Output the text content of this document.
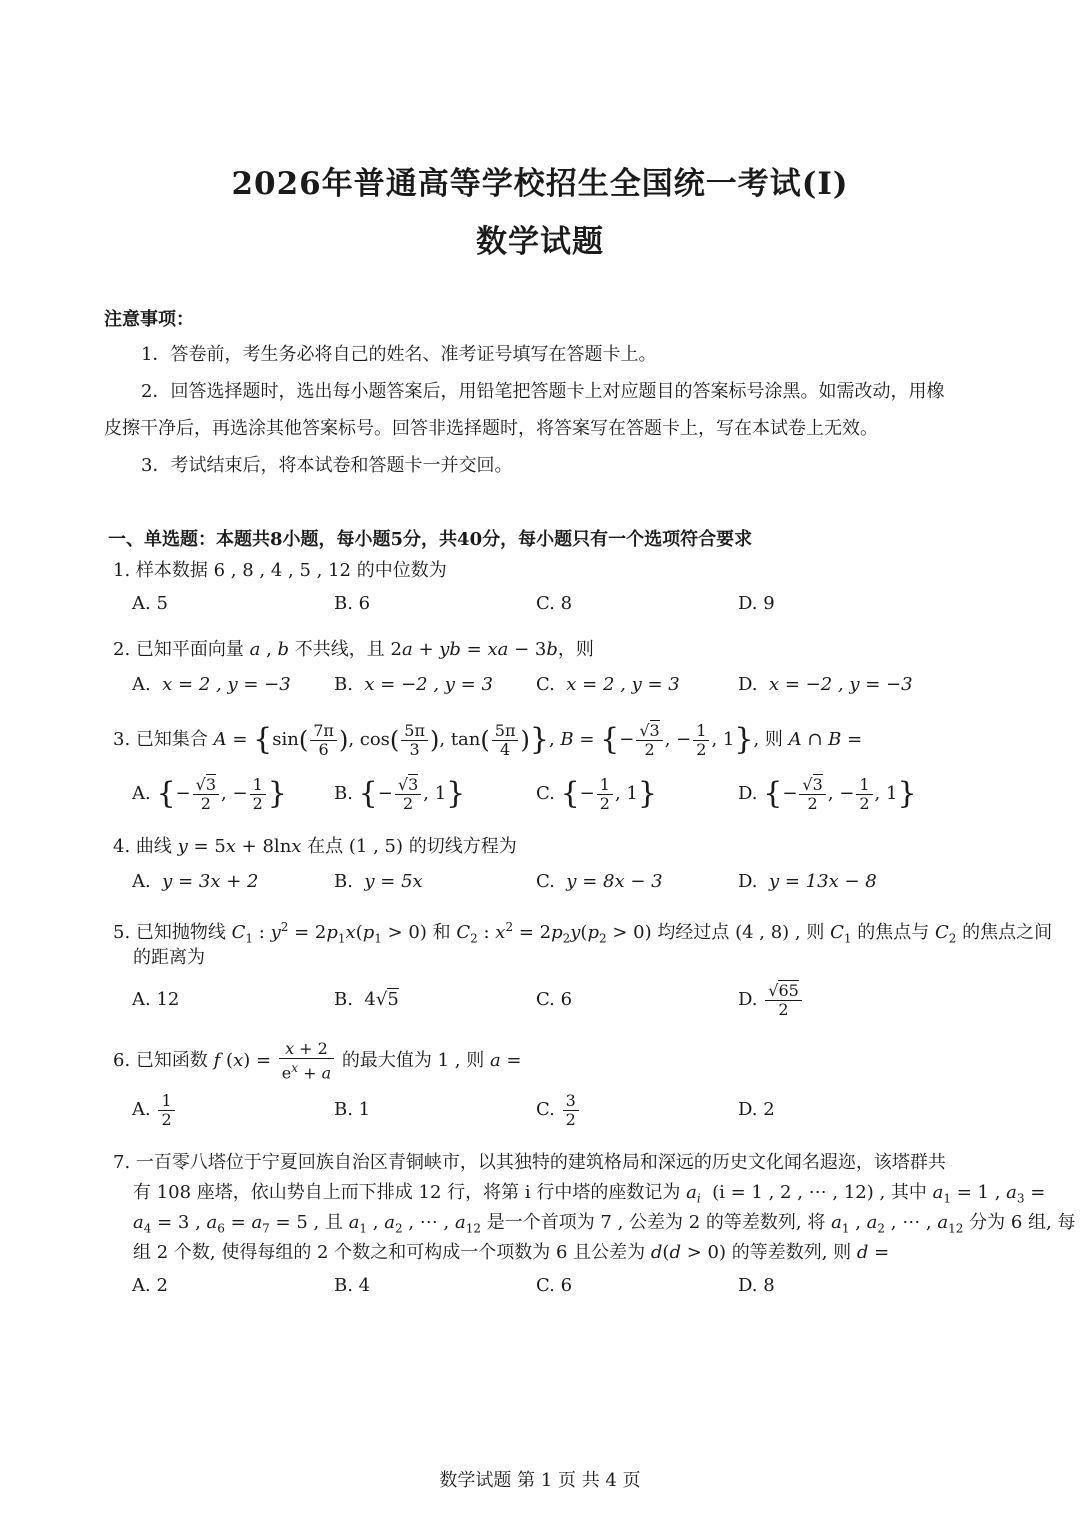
2026年普通高等学校招生全国统一考试(I)
数学试题
注意事项：
1．答卷前，考生务必将自己的姓名、准考证号填写在答题卡上。
2．回答选择题时，选出每小题答案后，用铅笔把答题卡上对应题目的答案标号涂黑。如需改动，用橡
皮擦干净后，再选涂其他答案标号。回答非选择题时，将答案写在答题卡上，写在本试卷上无效。
3．考试结束后，将本试卷和答题卡一并交回。
一、单选题：本题共8小题，每小题5分，共40分，每小题只有一个选项符合要求
1. 样本数据 6 , 8 , 4 , 5 , 12 的中位数为
A. 5	B. 6	C. 8	D. 9
2. 已知平面向量 a , b 不共线，且 2a + yb = xa − 3b，则
A.  x = 2 , y = −3 B.  x = −2 , y = 3 C.  x = 2 , y = 3	D.  x = −2 , y = −3
3. 已知集合 $A = \{\sin( \frac{7\pi}{6}$ ), $\cos( \frac{5\pi}{3}$ ), $\tan( \frac{5\pi}{4}$ )}, B = {− $\frac{√3}{2}$ , − $\frac{1}{2}$ , 1}, 则 A ∩ B =
A. {− $\frac{√3}{2}$ , − $\frac{1}{2}$ }	B. {− $\frac{√3}{2}$ , 1}	C. {− $\frac{1}{2}$ , 1}	D. {− $\frac{√3}{2}$ , − $\frac{1}{2}$ , 1}
4. 曲线 y = 5x + 8lnx 在点 (1 , 5) 的切线方程为
A.  y = 3x + 2	B.  y = 5x	C.  y = 8x − 3	D.  y = 13x − 8
5. 已知抛物线 $C_1$ : $y^2 = 2p_1x(p_1 > 0)$ 和 $C_2$ : $x^2 = 2p_2y(p_2 > 0)$ 均经过点 (4 , 8) , 则 $C_1$ 的焦点与 $C_2$ 的焦点之间
的距离为
A. 12	B.  4√5	C. 6	D. $\frac{√65}{2}$
6. 已知函数 f $(x) = \frac{x + 2}{e^x + a}$ 的最大值为 1 , 则 a =
A. $\frac{1}{2}$	B. 1	C. $\frac{3}{2}$	D. 2
7. 一百零八塔位于宁夏回族自治区青铜峡市，以其独特的建筑格局和深远的历史文化闻名遐迩，该塔群共
有 108 座塔，依山势自上而下排成 12 行，将第 i 行中塔的座数记为 $a_i$  (i = 1 , 2 , ⋯ , 12) , 其中 $a_1 = 1$ , $a_3$ =
$a_4 = 3$ , $a_6 = a_7 = 5$ , 且 $a_1$ , $a_2$ , ⋯ , $a_{12}$ 是一个首项为 7 , 公差为 2 的等差数列, 将 $a_1$ , $a_2$ , ⋯ , $a_{12}$ 分为 6 组, 每
组 2 个数, 使得每组的 2 个数之和可构成一个项数为 6 且公差为 d(d > 0) 的等差数列, 则 d =
A. 2	B. 4	C. 6	D. 8
数学试题 第 1 页 共 4 页
